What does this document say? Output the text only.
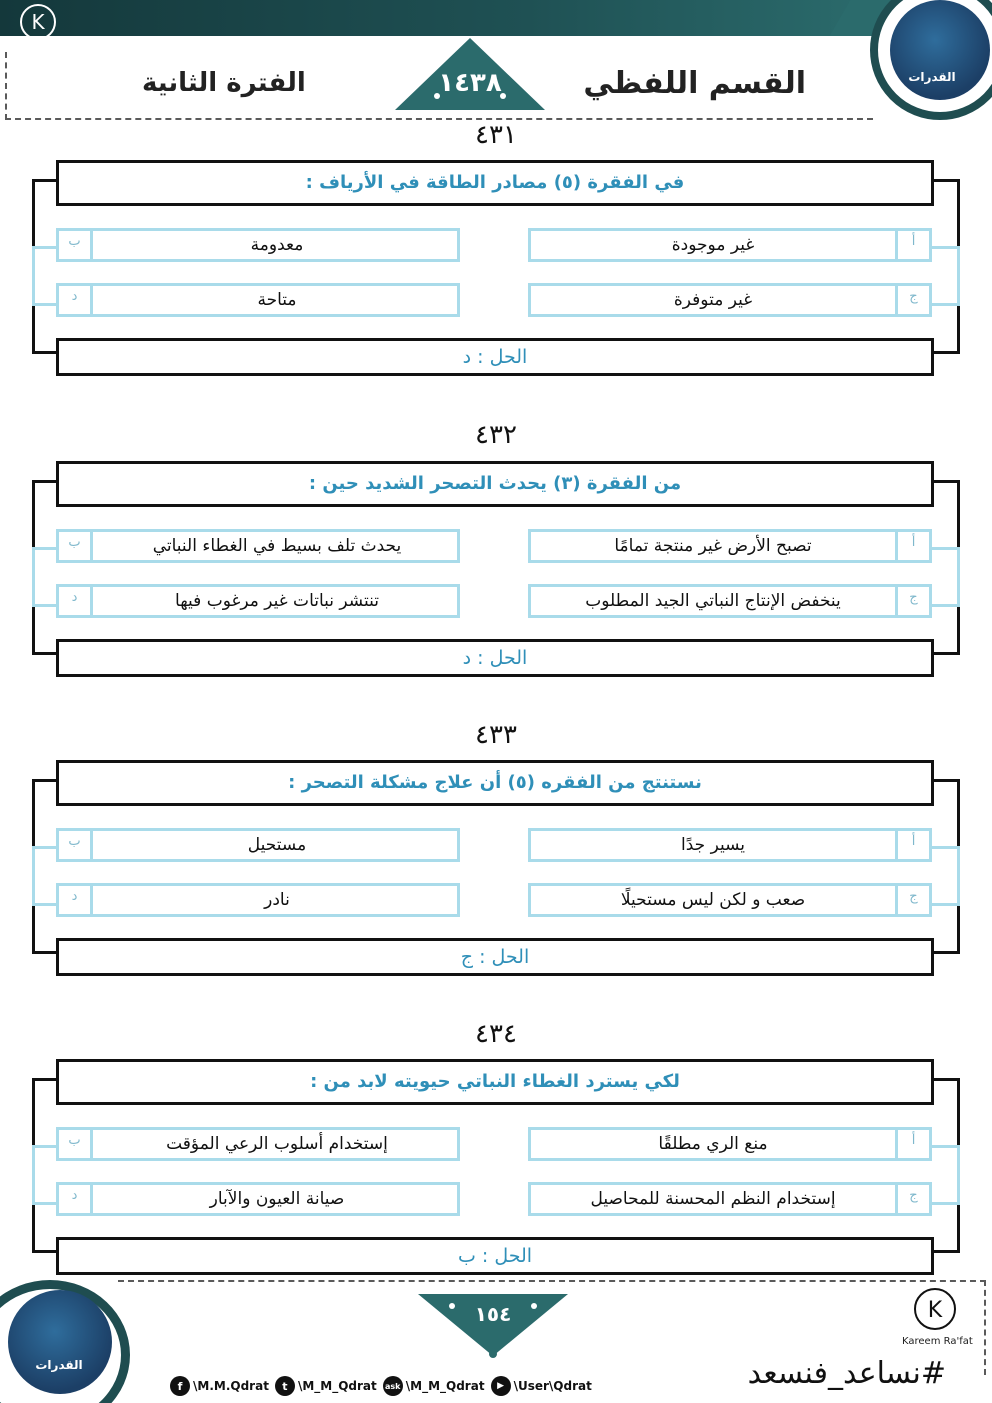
K
Kareem Ra'fat
القدرات
القسم اللفظي
١٤٣٨
الفترة الثانية
٤٣١
في الفقرة (٥) مصادر الطاقة في الأرياف :
أ
غير موجودة
ب	معدومة
ج
غير متوفرة
د	متاحة
الحل : د
٤٣٢
من الفقرة (٣) يحدث التصحر الشديد حين :
أ
تصبح الأرض غير منتجة تمامًا
ب	يحدث تلف بسيط في الغطاء النباتي
ج
ينخفض الإنتاج النباتي الجيد المطلوب
د	تنتشر نباتات غير مرغوب فيها
الحل : د
٤٣٣
نستنتج من الفقره (٥) أن علاج مشكلة التصحر :
أ
يسير جدًا
ب	مستحيل
ج
صعب و لكن ليس مستحيلًا
د	نادر
الحل : ج
٤٣٤
لكي يسترد الغطاء النباتي حيويته لابد من :
أ
منع الري مطلقًا
ب	إستخدام أسلوب الرعي المؤقت
ج
إستخدام النظم المحسنة للمحاصيل
د	صيانة العيون والآبار
الحل : ب
القدرات
١٥٤	K
Kareem Ra'fat
#نساعد_فنسعد
f \M.M.Qdrat	t \M_M_Qdrat ask \M_M_Qdrat	▶ \User\Qdrat
